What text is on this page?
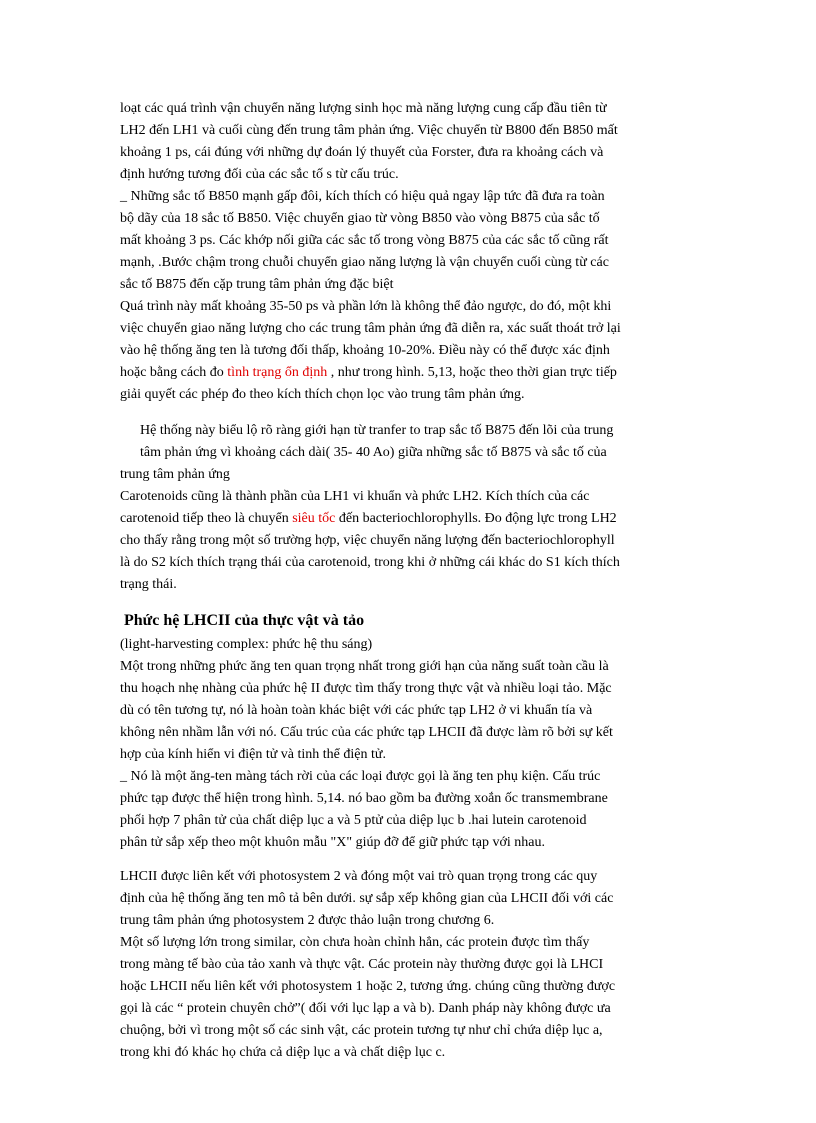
loạt các quá trình vận chuyển năng lượng sinh học mà năng lượng cung cấp đầu tiên từ
LH2 đến LH1 và cuối cùng đến trung tâm phản ứng. Việc chuyển từ B800 đến B850 mất
khoảng 1 ps, cái đúng với những dự đoán lý thuyết của Forster, đưa ra khoảng cách và
định hướng tương đối của các sắc tố s từ cấu trúc.
_ Những sắc tố B850 mạnh gấp đôi, kích thích có hiệu quả ngay lập tức đã đưa ra toàn
bộ dãy của 18 sắc tố B850. Việc chuyển giao từ vòng B850 vào vòng B875 của sắc tố
mất khoảng 3 ps. Các khớp nối giữa các sắc tố trong vòng B875 của các sắc tố cũng rất
mạnh, .Bước chậm trong chuỗi chuyển giao năng lượng là vận chuyển cuối cùng từ các
sắc tố B875 đến cặp trung tâm phản ứng đặc biệt
Quá trình này mất khoảng 35-50 ps và phần lớn là không thể đảo ngược, do đó, một khi
việc chuyển giao năng lượng cho các trung tâm phản ứng đã diễn ra, xác suất thoát trở lại
vào hệ thống ăng ten là tương đối thấp, khoảng 10-20%. Điều này có thể được xác định
hoặc bằng cách đo tình trạng ổn định , như trong hình. 5,13, hoặc theo thời gian trực tiếp
giải quyết các phép đo theo kích thích chọn lọc vào trung tâm phản ứng.
Hệ thống này biểu lộ rõ ràng giới hạn từ tranfer to trap sắc tố B875 đến lõi của trung
tâm phản ứng vì khoảng cách dài( 35- 40 Ao) giữa những sắc tố B875 và sắc tố của
trung tâm phản ứng
Carotenoids cũng là thành phần của LH1 vi khuẩn và phức LH2. Kích thích của các
carotenoid tiếp theo là chuyển siêu tốc đến bacteriochlorophylls. Đo động lực trong LH2
cho thấy rằng trong một số trường hợp, việc chuyển năng lượng đến bacteriochlorophyll
là do S2 kích thích trạng thái của carotenoid, trong khi ở những cái khác do S1 kích thích
trạng thái.
Phức hệ LHCII của thực vật và tảo
(light-harvesting complex: phức hệ thu sáng)
Một trong những phức ăng ten quan trọng nhất trong giới hạn của năng suất toàn cầu là
thu hoạch nhẹ nhàng của phức hệ II được tìm thấy trong thực vật và nhiều loại tảo. Mặc
dù có tên tương tự, nó là hoàn toàn khác biệt với các phức tạp LH2 ở vi khuẩn tía và
không nên nhầm lẫn với nó. Cấu trúc của các phức tạp LHCII đã được làm rõ bởi sự kết
hợp của kính hiển vi điện tử và tinh thể điện tử.
_ Nó là một ăng-ten màng tách rời của các loại được gọi là ăng ten phụ kiện. Cấu trúc
phức tạp được thể hiện trong hình. 5,14. nó bao gồm ba đường xoắn ốc transmembrane
phối hợp 7 phân tử của chất diệp lục a và 5 ptử của diệp lục b .hai lutein carotenoid
phân tử sắp xếp theo một khuôn mẫu "X" giúp đỡ để giữ phức tạp với nhau.
LHCII được liên kết với photosystem 2 và đóng một vai trò quan trọng trong các quy
định của hệ thống ăng ten mô tả bên dưới. sự sắp xếp không gian của LHCII đối với các
trung tâm phản ứng photosystem 2 được thảo luận trong chương 6.
Một số lượng lớn trong similar, còn chưa hoàn chỉnh hẳn, các protein được tìm thấy
trong màng tế bào của tảo xanh và thực vật. Các protein này thường được gọi là LHCI
hoặc LHCII nếu liên kết với photosystem 1 hoặc 2, tương ứng. chúng cũng thường được
gọi là các “ protein chuyên chở”( đối với lục lạp a và b). Danh pháp này không được ưa
chuộng, bởi vì trong một số các sinh vật, các protein tương tự như chỉ chứa diệp lục a,
trong khi đó khác họ chứa cả diệp lục a và chất diệp lục c.
